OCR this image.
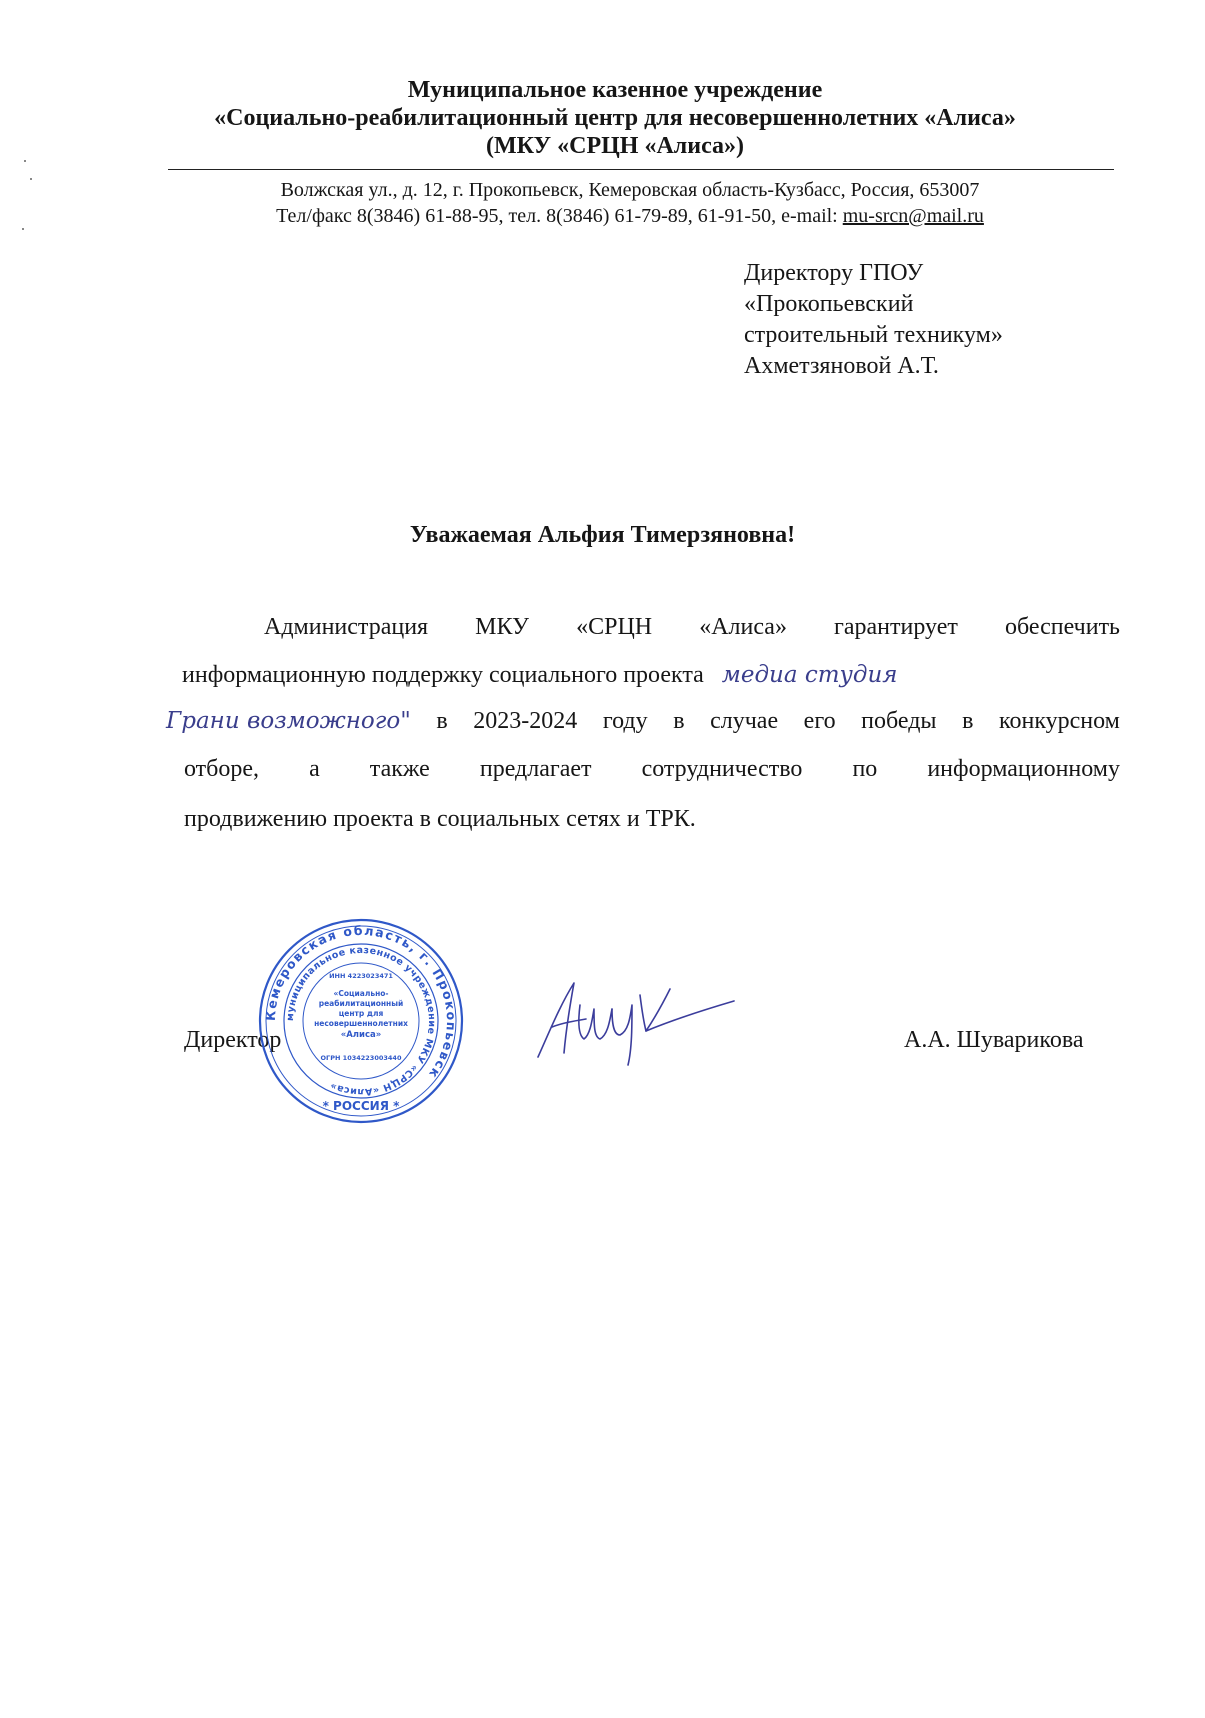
Муниципальное казенное учреждение
«Социально-реабилитационный центр для несовершеннолетних «Алиса»
(МКУ «СРЦН «Алиса»)
Волжская ул., д. 12, г. Прокопьевск, Кемеровская область-Кузбасс, Россия, 653007
Тел/факс 8(3846) 61-88-95, тел. 8(3846) 61-79-89, 61-91-50, e-mail: mu-srcn@mail.ru
Директору ГПОУ
«Прокопьевский
строительный техникум»
Ахметзяновой А.Т.
Уважаемая Альфия Тимерзяновна!
Администрация МКУ «СРЦН «Алиса» гарантирует обеспечить
информационную поддержку социального проекта медиа студия
Грани возможного" в 2023-2024 году в случае его победы в конкурсном
отборе, а также предлагает сотрудничество по информационному
продвижению проекта в социальных сетях и ТРК.
Директор	А.А. Шуварикова
Кемеровская область, г. Прокопьевск
муниципальное казенное учреждение МКУ «СРЦН «Алиса»
ИНН 4223023471
«Социально-
реабилитационный
центр для
несовершеннолетних
«Алиса»
ОГРН 1034223003440
* РОССИЯ *
